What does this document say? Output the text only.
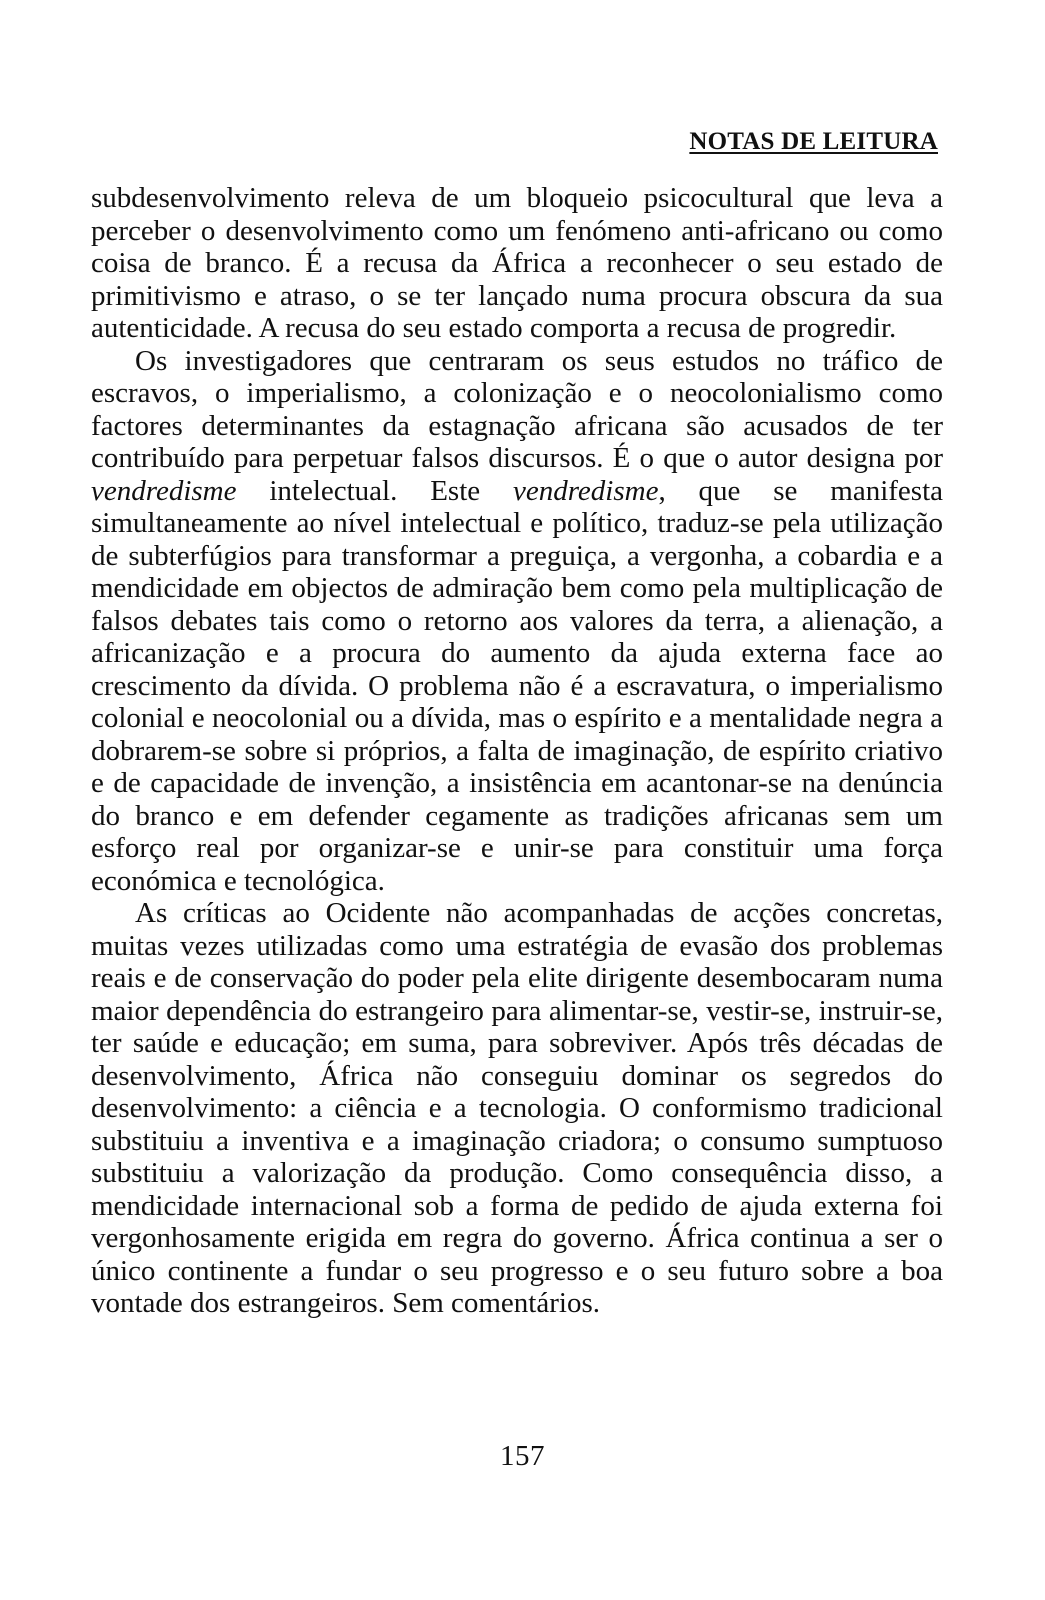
NOTAS DE LEITURA

subdesenvolvimento releva de um bloqueio psicocultural que leva a perceber o desenvolvimento como um fenómeno anti-africano ou como coisa de branco. É a recusa da África a reconhecer o seu estado de primitivismo e atraso, o se ter lançado numa procura obscura da sua autenticidade. A recusa do seu estado comporta a recusa de progredir.

Os investigadores que centraram os seus estudos no tráfico de escravos, o imperialismo, a colonização e o neocolonialismo como factores determinantes da estagnação africana são acusados de ter contribuído para perpetuar falsos discursos. É o que o autor designa por vendredisme intelectual. Este vendredisme, que se manifesta simultaneamente ao nível intelectual e político, traduz-se pela utilização de subterfúgios para transformar a preguiça, a vergonha, a cobardia e a mendicidade em objectos de admiração bem como pela multiplicação de falsos debates tais como o retorno aos valores da terra, a alienação, a africanização e a procura do aumento da ajuda externa face ao crescimento da dívida. O problema não é a escravatura, o imperialismo colonial e neocolonial ou a dívida, mas o espírito e a mentalidade negra a dobrarem-se sobre si próprios, a falta de imaginação, de espírito criativo e de capacidade de invenção, a insistência em acantonar-se na denúncia do branco e em defender cegamente as tradições africanas sem um esforço real por organizar-se e unir-se para constituir uma força económica e tecnológica.

As críticas ao Ocidente não acompanhadas de acções concretas, muitas vezes utilizadas como uma estratégia de evasão dos problemas reais e de conservação do poder pela elite dirigente desembocaram numa maior dependência do estrangeiro para alimentar-se, vestir-se, instruir-se, ter saúde e educação; em suma, para sobreviver. Após três décadas de desenvolvimento, África não conseguiu dominar os segredos do desenvolvimento: a ciência e a tecnologia. O conformismo tradicional substituiu a inventiva e a imaginação criadora; o consumo sumptuoso substituiu a valorização da produção. Como consequência disso, a mendicidade internacional sob a forma de pedido de ajuda externa foi vergonhosamente erigida em regra do governo. África continua a ser o único continente a fundar o seu progresso e o seu futuro sobre a boa vontade dos estrangeiros. Sem comentários.

157
